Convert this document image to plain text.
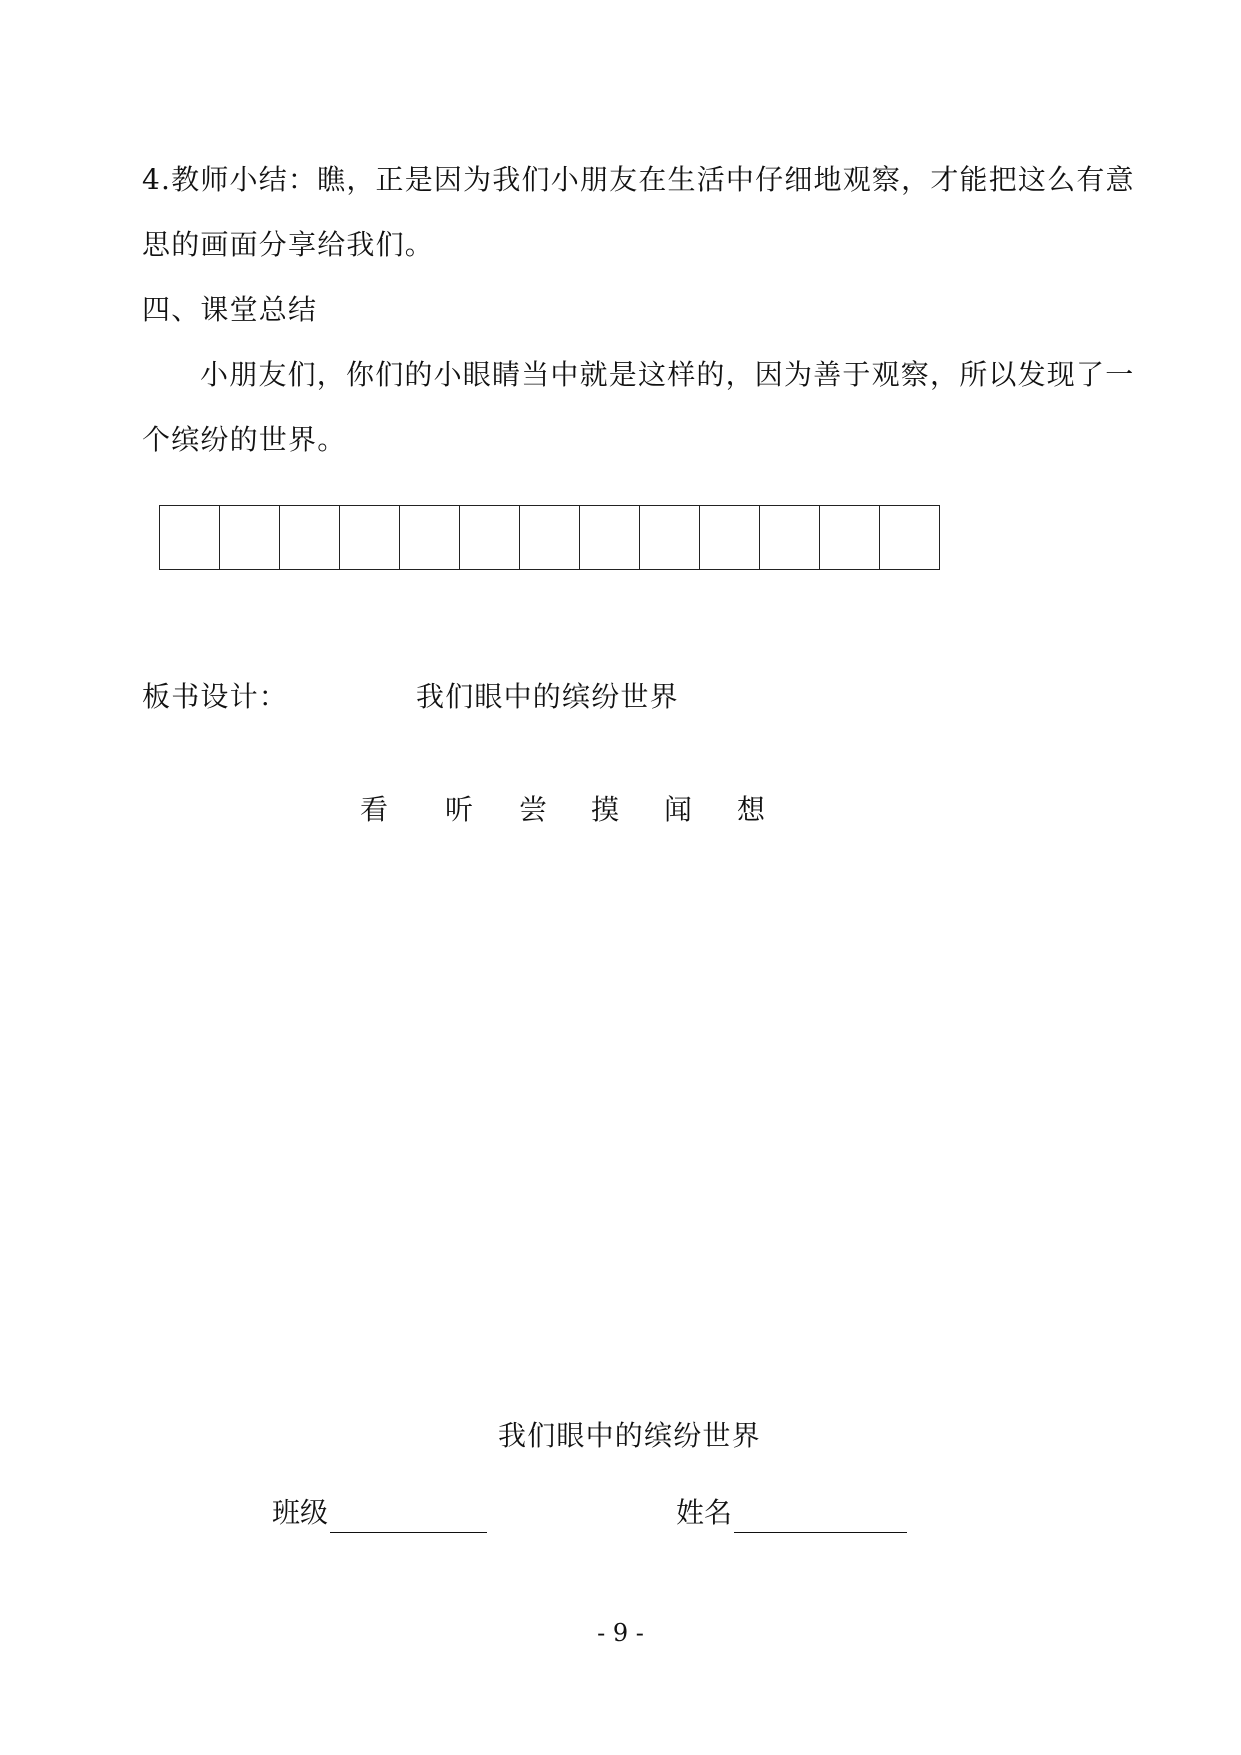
4.教师小结：瞧，正是因为我们小朋友在生活中仔细地观察，才能把这么有意
思的画面分享给我们。
四、课堂总结
小朋友们，你们的小眼睛当中就是这样的，因为善于观察，所以发现了一
个缤纷的世界。
板书设计：	我们眼中的缤纷世界
看 听 尝 摸 闻 想
我们眼中的缤纷世界
班级	姓名
- 9 -
